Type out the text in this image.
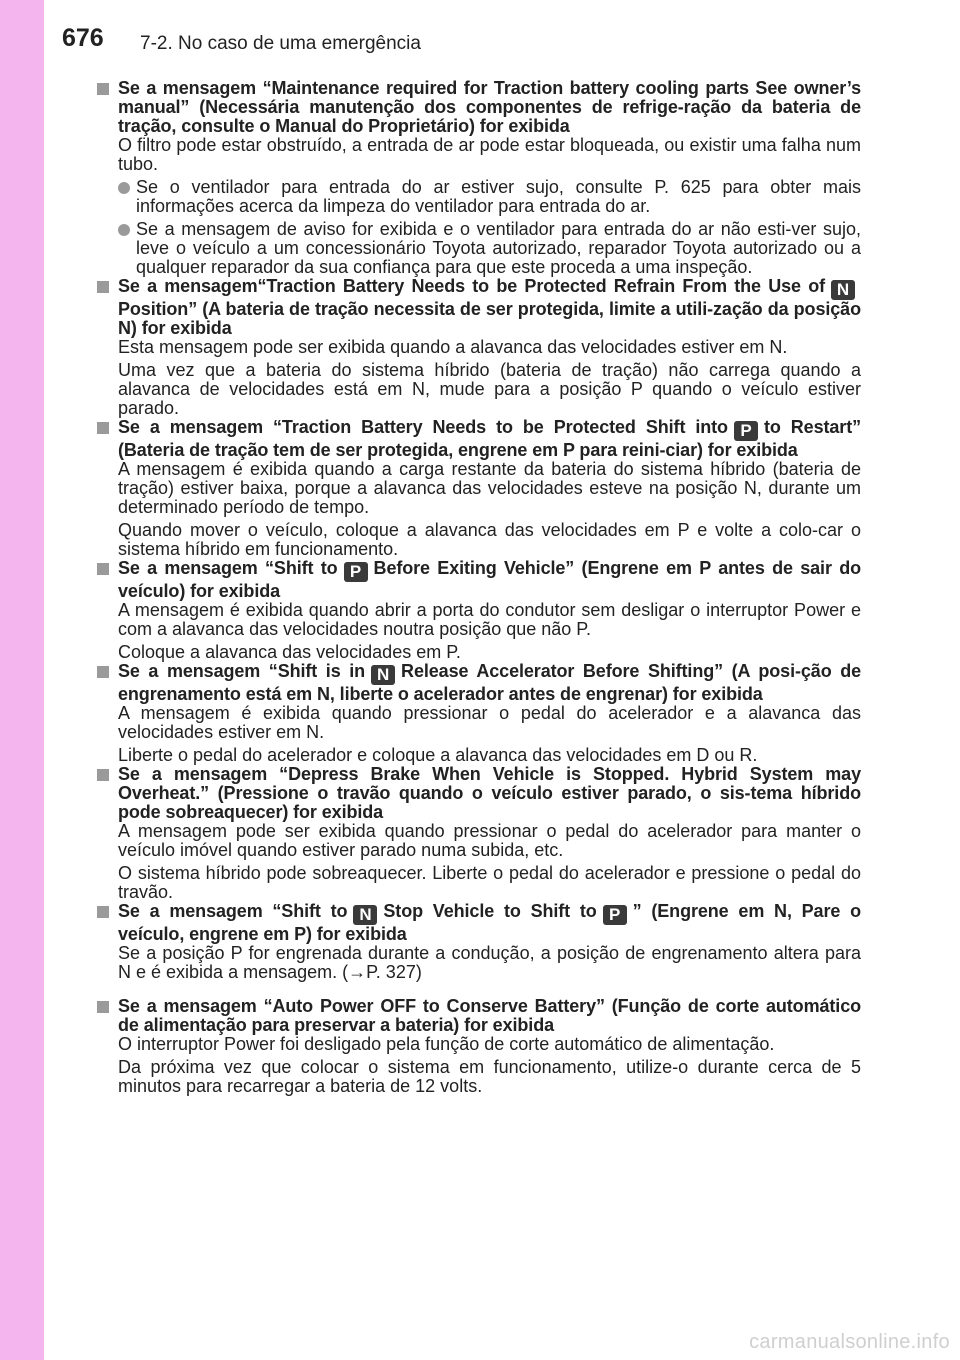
676 7-2. No caso de uma emergência
Se a mensagem “Maintenance required for Traction battery cooling parts See owner’s manual” (Necessária manutenção dos componentes de refrige-ração da bateria de tração, consulte o Manual do Proprietário) for exibida
O filtro pode estar obstruído, a entrada de ar pode estar bloqueada, ou existir uma falha num tubo.
Se o ventilador para entrada do ar estiver sujo, consulte P. 625 para obter mais informações acerca da limpeza do ventilador para entrada do ar.
Se a mensagem de aviso for exibida e o ventilador para entrada do ar não esti-ver sujo, leve o veículo a um concessionário Toyota autorizado, reparador Toyota autorizado ou a qualquer reparador da sua confiança para que este proceda a uma inspeção.
Se a mensagem“Traction Battery Needs to be Protected Refrain From the Use of NPosition” (A bateria de tração necessita de ser protegida, limite a utili-zação da posição N) for exibida
Esta mensagem pode ser exibida quando a alavanca das velocidades estiver em N.
Uma vez que a bateria do sistema híbrido (bateria de tração) não carrega quando a alavanca de velocidades está em N, mude para a posição P quando o veículo estiver parado.
Se a mensagem “Traction Battery Needs to be Protected Shift into P to Restart” (Bateria de tração tem de ser protegida, engrene em P para reini-ciar) for exibida
A mensagem é exibida quando a carga restante da bateria do sistema híbrido (bateria de tração) estiver baixa, porque a alavanca das velocidades esteve na posição N, durante um determinado período de tempo.
Quando mover o veículo, coloque a alavanca das velocidades em P e volte a colo-car o sistema híbrido em funcionamento.
Se a mensagem “Shift to P Before Exiting Vehicle” (Engrene em P antes de sair do veículo) for exibida
A mensagem é exibida quando abrir a porta do condutor sem desligar o interruptor Power e com a alavanca das velocidades noutra posição que não P.
Coloque a alavanca das velocidades em P.
Se a mensagem “Shift is in N Release Accelerator Before Shifting” (A posi-ção de engrenamento está em N, liberte o acelerador antes de engrenar) for exibida
A mensagem é exibida quando pressionar o pedal do acelerador e a alavanca das velocidades estiver em N.
Liberte o pedal do acelerador e coloque a alavanca das velocidades em D ou R.
Se a mensagem “Depress Brake When Vehicle is Stopped. Hybrid System may Overheat.” (Pressione o travão quando o veículo estiver parado, o sis-tema híbrido pode sobreaquecer) for exibida
A mensagem pode ser exibida quando pressionar o pedal do acelerador para manter o veículo imóvel quando estiver parado numa subida, etc.
O sistema híbrido pode sobreaquecer. Liberte o pedal do acelerador e pressione o pedal do travão.
Se a mensagem “Shift to N Stop Vehicle to Shift to P ” (Engrene em N, Pare o veículo, engrene em P) for exibida
Se a posição P for engrenada durante a condução, a posição de engrenamento altera para N e é exibida a mensagem. (→P. 327)
Se a mensagem “Auto Power OFF to Conserve Battery” (Função de corte automático de alimentação para preservar a bateria) for exibida
O interruptor Power foi desligado pela função de corte automático de alimentação.
Da próxima vez que colocar o sistema em funcionamento, utilize-o durante cerca de 5 minutos para recarregar a bateria de 12 volts.
carmanualsonline.info
